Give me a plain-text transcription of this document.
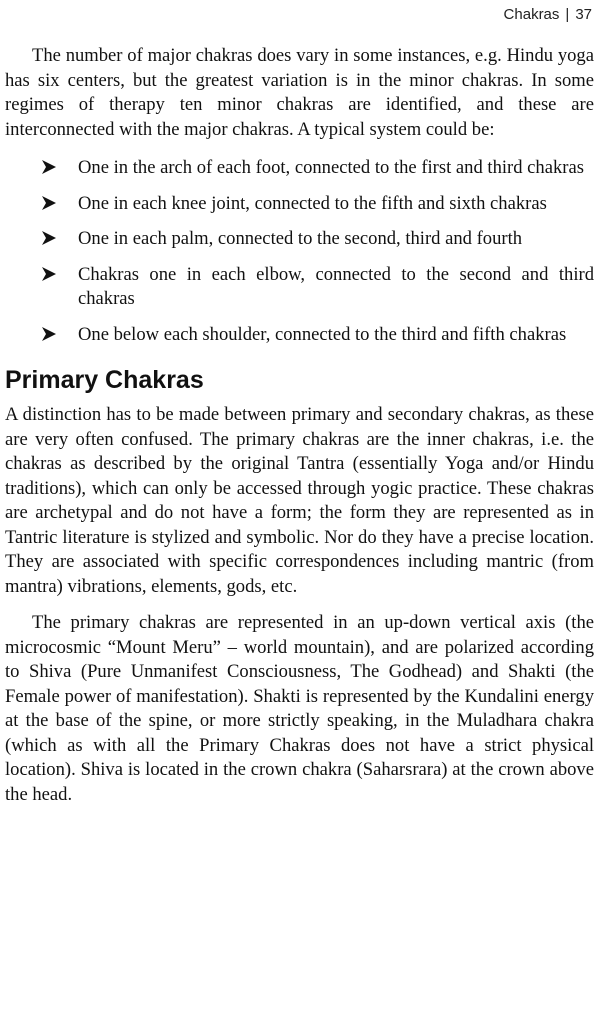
Chakras | 37

The number of major chakras does vary in some instances, e.g. Hindu yoga has six centers, but the greatest variation is in the minor chakras. In some regimes of therapy ten minor chakras are identified, and these are interconnected with the major chakras. A typical system could be:

One in the arch of each foot, connected to the first and third chakras
One in each knee joint, connected to the fifth and sixth chakras
One in each palm, connected to the second, third and fourth
Chakras one in each elbow, connected to the second and third chakras
One below each shoulder, connected to the third and fifth chakras
Primary Chakras

A distinction has to be made between primary and secondary chakras, as these are very often confused. The primary chakras are the inner chakras, i.e. the chakras as described by the original Tantra (essentially Yoga and/or Hindu traditions), which can only be accessed through yogic practice. These chakras are archetypal and do not have a form; the form they are represented as in Tantric literature is stylized and symbolic. Nor do they have a precise location. They are associated with specific correspondences including mantric (from mantra) vibrations, elements, gods, etc.

The primary chakras are represented in an up-down vertical axis (the microcosmic “Mount Meru” – world mountain), and are polarized according to Shiva (Pure Unmanifest Consciousness, The Godhead) and Shakti (the Female power of manifestation). Shakti is represented by the Kundalini energy at the base of the spine, or more strictly speaking, in the Muladhara chakra (which as with all the Primary Chakras does not have a strict physical location). Shiva is located in the crown chakra (Saharsrara) at the crown above the head.
